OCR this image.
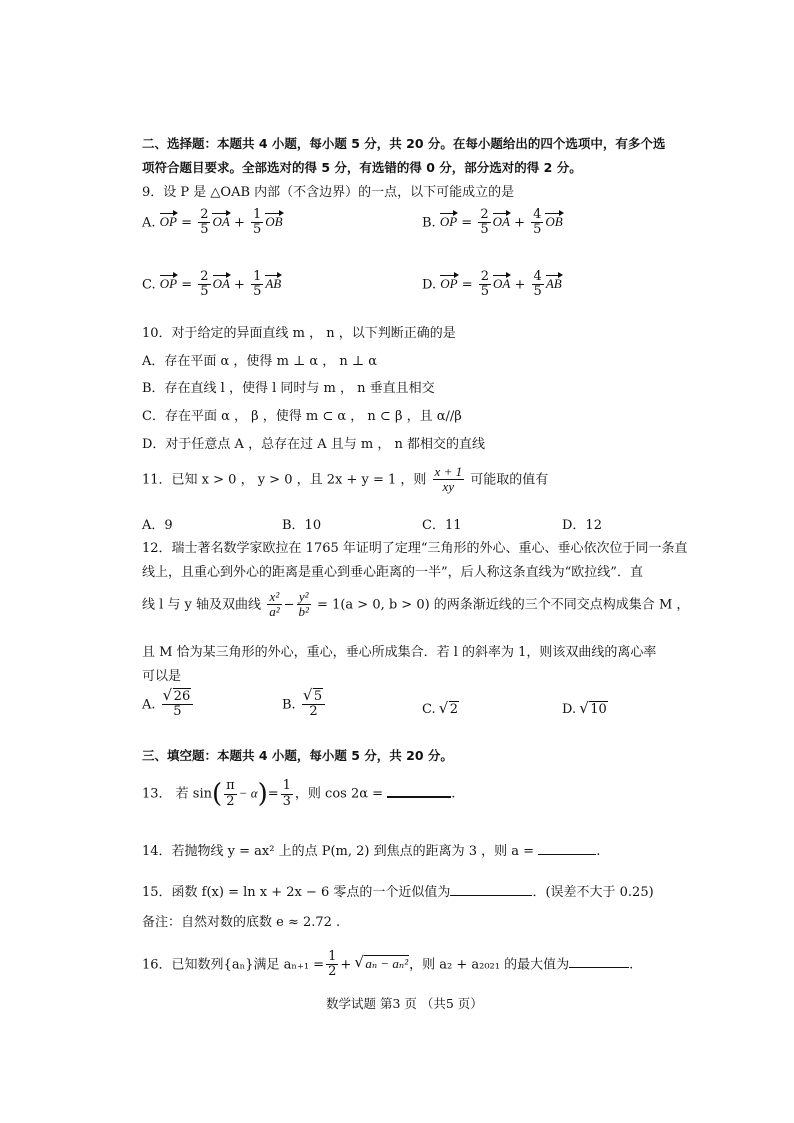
二、选择题：本题共 4 小题，每小题 5 分，共 20 分。在每小题给出的四个选项中，有多个选
项符合题目要求。全部选对的得 5 分，有选错的得 0 分，部分选对的得 2 分。
9．设 P 是 △OAB 内部（不含边界）的一点，以下可能成立的是
A. OP = $\frac{2}{5}$ OA + $\frac{1}{5}$ OB	B. OP = $\frac{2}{5}$ OA + $\frac{4}{5}$ OB
C. OP = $\frac{2}{5}$ OA + $\frac{1}{5}$ AB	D. OP = $\frac{2}{5}$ OA + $\frac{4}{5}$ AB
10．对于给定的异面直线 m ， n ，以下判断正确的是
A．存在平面 α ，使得 m ⊥ α ， n ⊥ α
B．存在直线 l ，使得 l 同时与 m ， n 垂直且相交
C．存在平面 α ， β ，使得 m ⊂ α ， n ⊂ β ，且 α//β
D．对于任意点 A ，总存在过 A 且与 m ， n 都相交的直线
11．已知 x > 0 ， y > 0 ，且 2x + y = 1 ，则 $\frac{x + 1}{xy}$ 可能取的值有
A．9	B．10	C．11	D．12
12．瑞士著名数学家欧拉在 1765 年证明了定理“三角形的外心、重心、垂心依次位于同一条直
线上，且重心到外心的距离是重心到垂心距离的一半”，后人称这条直线为“欧拉线”．直
线 l 与 y 轴及双曲线 $\frac{\text{x²}}{\text{a²}} - \frac{\text{y²}}{\text{b²}} = 1(a > 0$, b > 0) 的两条渐近线的三个不同交点构成集合 M ，
且 M 恰为某三角形的外心，重心，垂心所成集合．若 l 的斜率为 1，则该双曲线的离心率
可以是
A. √ $\frac{26}{5}$	B. √ $\frac{5}{2}$	C. √ 2	D. √ 10
三、填空题：本题共 4 小题，每小题 5 分，共 20 分。
13． 若 $\sin( \frac{\pi}{2} - \alpha)= \frac{1}{3}$ ，则 cos 2α =	.
14．若抛物线 y = ax² 上的点 P(m, 2) 到焦点的距离为 3 ，则 a =	.
15．函数 f(x) = ln x + 2x − 6 零点的一个近似值为	．(误差不大于 0.25)
备注：自然对数的底数 e ≈ 2.72 .
16．已知数列{aₙ}满足 $a_{n+1} = \frac{1}{2}$ + √ aₙ − aₙ²，则 a₂ + a₂₀₂₁ 的最大值为	.
数学试题 第3 页 （共5 页）
